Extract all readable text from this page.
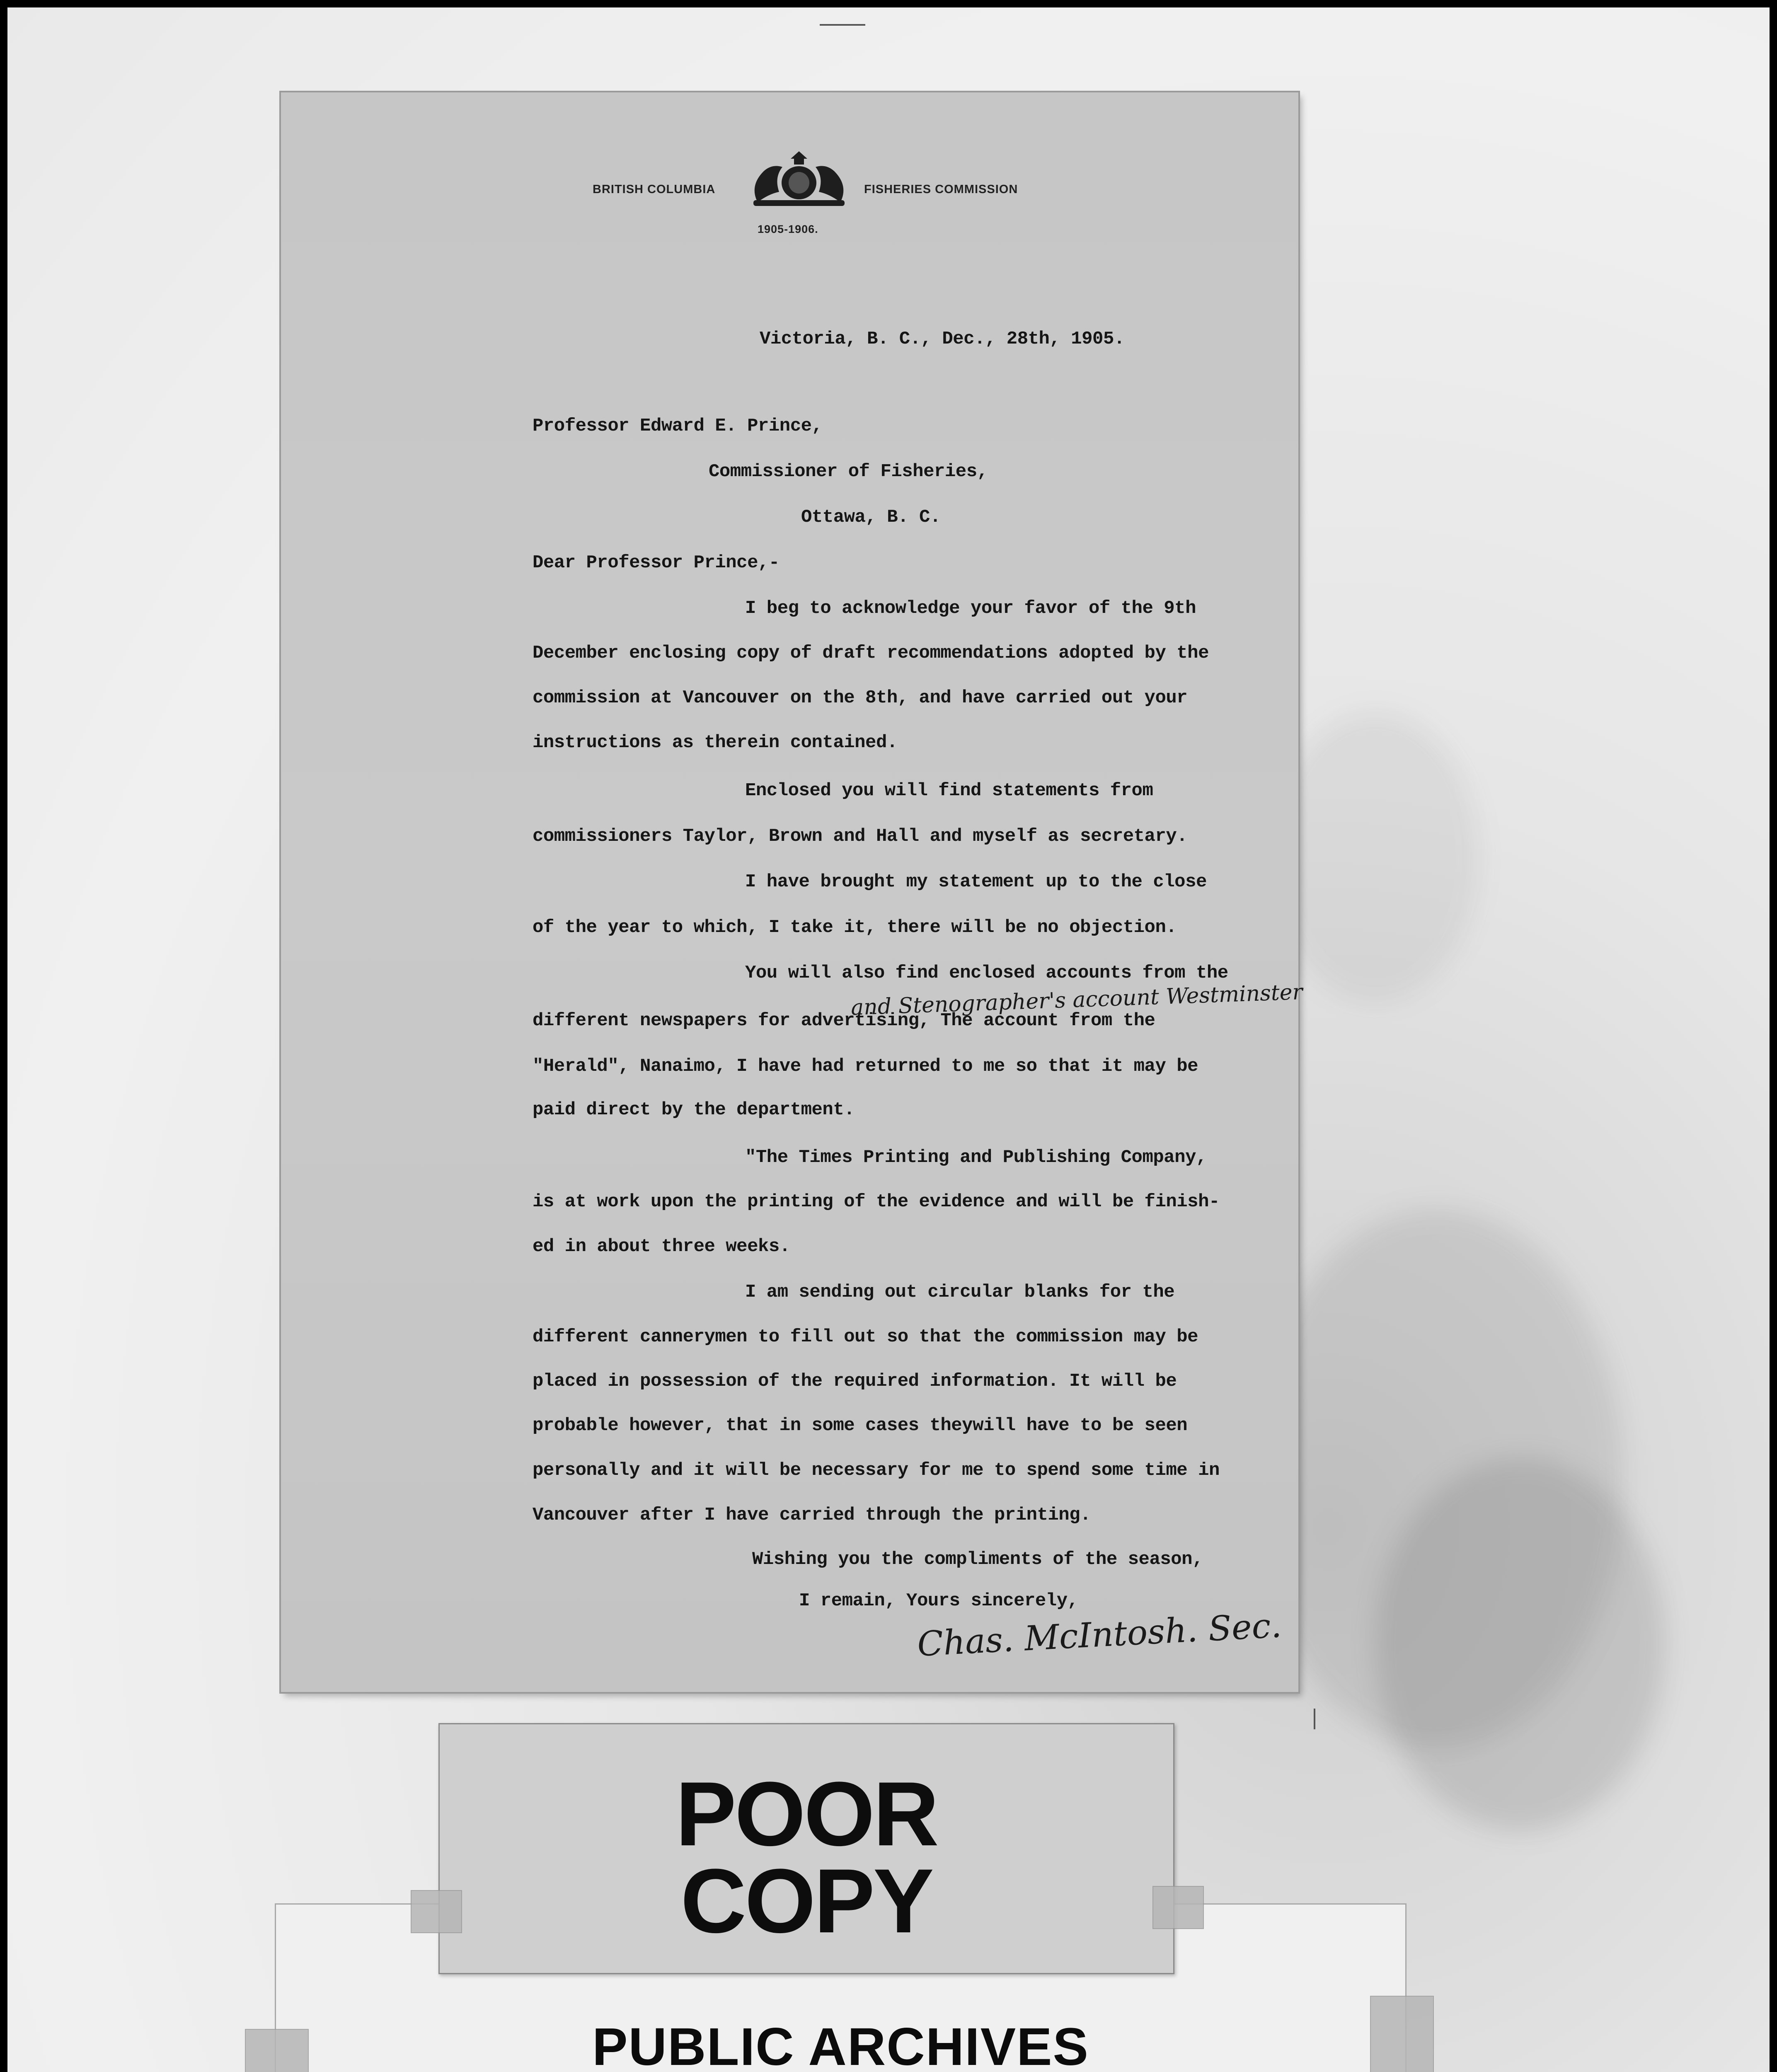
BRITISH COLUMBIA	FISHERIES COMMISSION
1905-1906.
Victoria, B. C., Dec., 28th, 1905.
Professor Edward E. Prince,
Commissioner of Fisheries,
Ottawa, B. C.
Dear Professor Prince,-
I beg to acknowledge your favor of the 9th
December enclosing copy of draft recommendations adopted by the
commission at Vancouver on the 8th, and have carried out your
instructions as therein contained.
Enclosed you will find statements from
commissioners Taylor, Brown and Hall and myself as secretary.
I have brought my statement up to the close
of the year to which, I take it, there will be no objection.
You will also find enclosed accounts from the
and Stenographer's account Westminster
different newspapers for advertising, The account from the
"Herald", Nanaimo, I have had returned to me so that it may be
paid direct by the department.
"The Times Printing and Publishing Company,
is at work upon the printing of the evidence and will be finish-
ed in about three weeks.
I am sending out circular blanks for the
different cannerymen to fill out so that the commission may be
placed in possession of the required information. It will be
probable however, that in some cases theywill have to be seen
personally and it will be necessary for me to spend some time in
Vancouver after I have carried through the printing.
Wishing you the compliments of the season,
I remain, Yours sincerely,
Chas. McIntosh. Sec.
PUBLIC ARCHIVES
POOR
COPY
